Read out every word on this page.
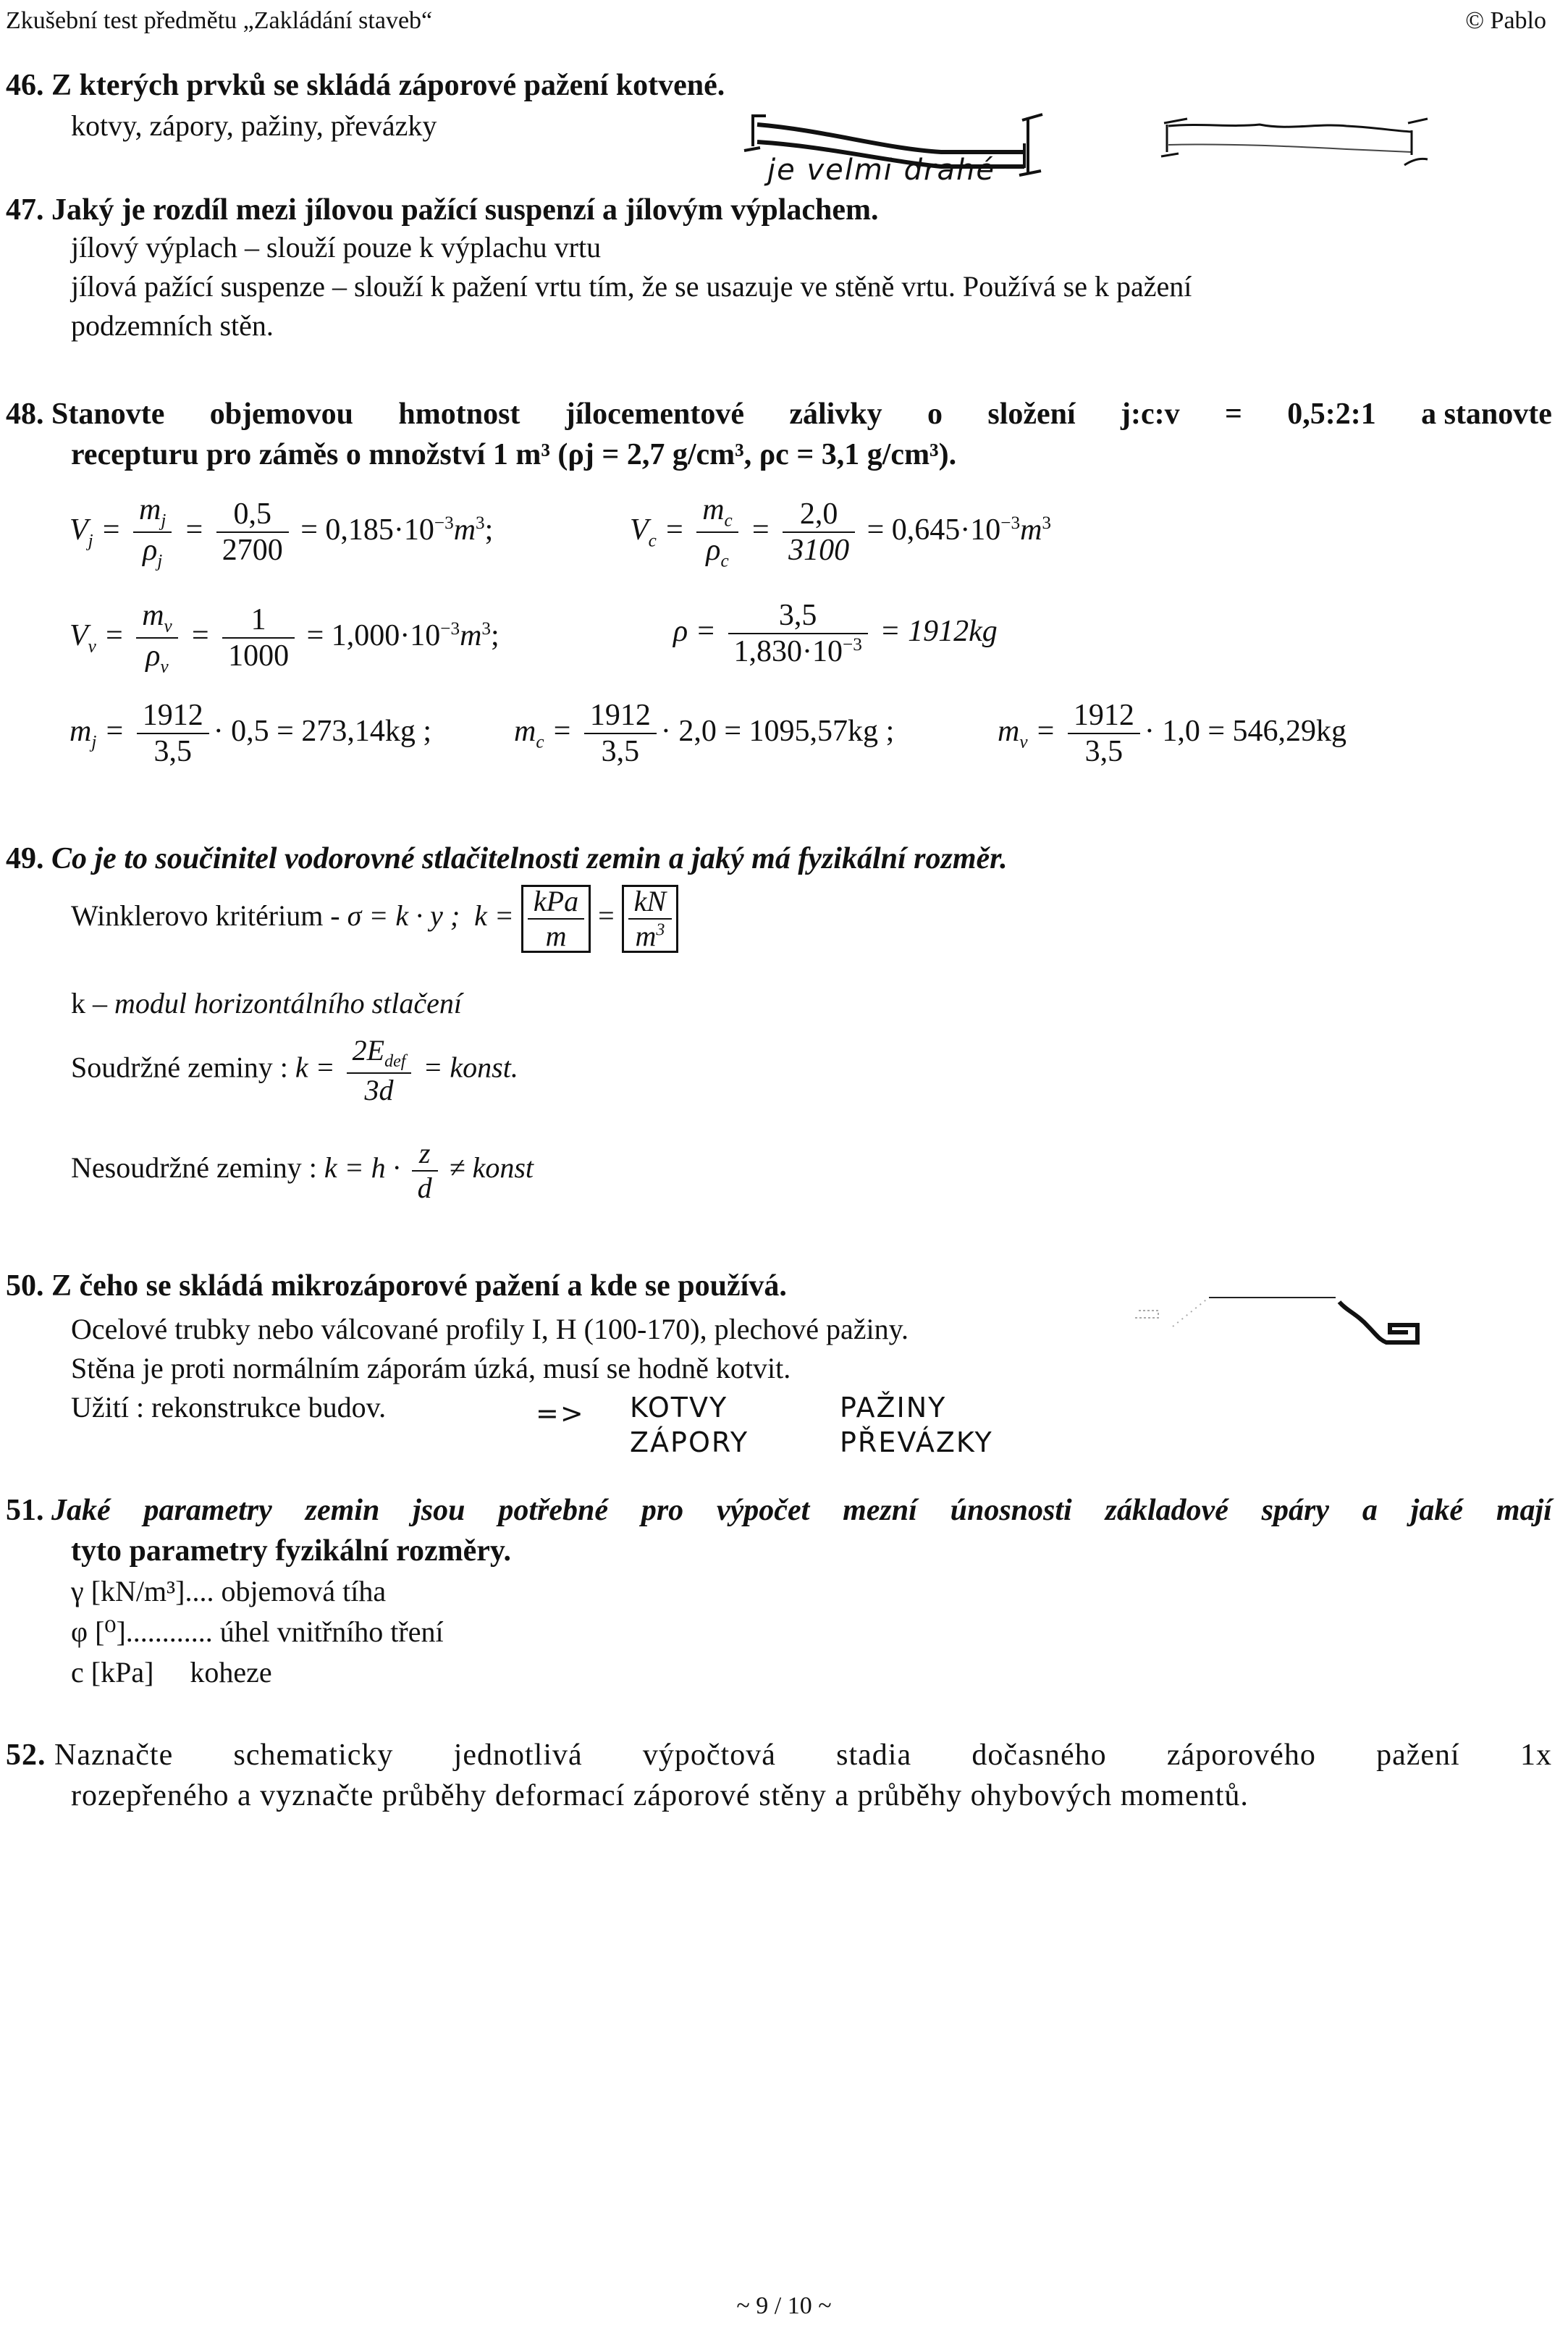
Zkušební test předmětu „Zakládání staveb“	© Pablo
46. Z kterých prvků se skládá záporové pažení kotvené.
kotvy, zápory, pažiny, převázky
je velmi drahé
47. Jaký je rozdíl mezi jílovou pažící suspenzí a jílovým výplachem.
jílový výplach – slouží pouze k výplachu vrtu
jílová pažící suspenze – slouží k pažení vrtu tím, že se usazuje ve stěně vrtu. Používá se k pažení
podzemních stěn.
48. Stanovte objemovou hmotnost jílocementové zálivky o složení j:c:v = 0,5:2:1 a stanovte
recepturu pro záměs o množství 1 m³ (ρj = 2,7 g/cm³, ρc = 3,1 g/cm³).
$V_j = \frac{m_j}{\rho_j} = \frac{0,5}{2700} = 0,185\cdot 10^{-3}m^3$;	$V_c = \frac{m_c}{\rho_c} = \frac{2,0}{3100} = 0,645\cdot 10^{-3}m^3$
$V_v = \frac{m_v}{\rho_v} = \frac{1}{1000} = 1,000\cdot 10^{-3}m^3$;	$\rho = \frac{3,5}{1,830\cdot 10^{-3}} = 1912kg$
$m_j = \frac{1912}{3,5} \cdot 0,5 = 273,14kg$ ;	$m_c = \frac{1912}{3,5} \cdot 2,0 = 1095,57kg$ ;	$m_v = \frac{1912}{3,5} \cdot 1,0 = 546,29kg$
49. Co je to součinitel vodorovné stlačitelnosti zemin a jaký má fyzikální rozměr.
Winklerovo kritérium - σ = k · y ; $k = \frac{\text{kPa}}{m} = \frac{kN}{m^3}$
k – modul horizontálního stlačení
Soudržné zeminy : $k = \frac{2E_{def}}{3d}$ = konst.
Nesoudržné zeminy : $k = h \cdot \frac{z}{d}$ ≠ konst
50. Z čeho se skládá mikrozáporové pažení a kde se používá.
Ocelové trubky nebo válcované profily I, H (100-170), plechové pažiny.
Stěna je proti normálním záporám úzká, musí se hodně kotvit.
Užití : rekonstrukce budov.	=> KOTVY	PAŽINY
ZÁPORY	PŘEVÁZKY
51. Jaké parametry zemin jsou potřebné pro výpočet mezní únosnosti základové spáry a jaké mají
tyto parametry fyzikální rozměry.
γ [kN/m³].... objemová tíha
φ [⁰]............ úhel vnitřního tření
c [kPa] koheze
52. Naznačte schematicky jednotlivá výpočtová stadia dočasného záporového pažení 1x
rozepřeného a vyznačte průběhy deformací záporové stěny a průběhy ohybových momentů.
~ 9 / 10 ~
